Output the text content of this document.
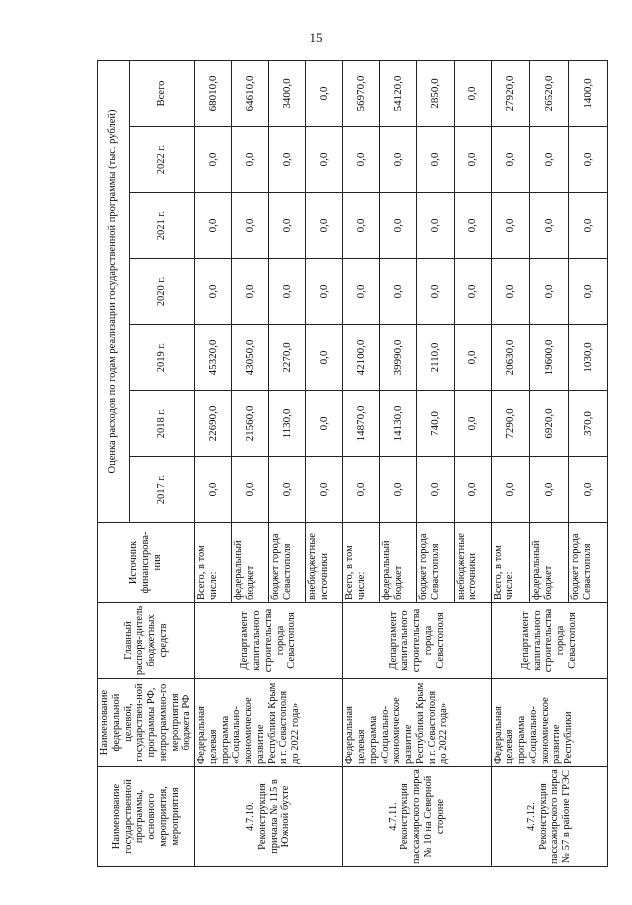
15
Наименование государственной программы, основного мероприятия, мероприятия	Наименование федеральной целевой, государствен-ной программы РФ, непрограммно-го мероприятия бюджета РФ	Главный распоря-дитель бюджетных средств	Источник финансирова-ния	Оценка расходов по годам реализации государственной программы (тыс. рублей)						
				2017 г.	2018 г.	2019 г.	2020 г.	2021 г.	2022 г.	Всего
4.7.10. Реконструкция причала № 115 в Южной бухте	Федеральная целевая программа «Социально-экономическое развитие Республики Крым и г. Севастополя до 2022 года»	Департамент капитального строительства города Севастополя	Всего, в том числе:	0,0	22690,0	45320,0	0,0	0,0	0,0	68010,0
			федеральный бюджет	0,0	21560,0	43050,0	0,0	0,0	0,0	64610,0
			бюджет города Севастополя	0,0	1130,0	2270,0	0,0	0,0	0,0	3400,0
			внебюджетные источники	0,0	0,0	0,0	0,0	0,0	0,0	0,0
4.7.11. Реконструкция пассажирского пирса № 10 на Северной стороне	Федеральная целевая программа «Социально-экономическое развитие Республики Крым и г. Севастополя до 2022 года»	Департамент капитального строительства города Севастополя	Всего, в том числе:	0,0	14870,0	42100,0	0,0	0,0	0,0	56970,0
			федеральный бюджет	0,0	14130,0	39990,0	0,0	0,0	0,0	54120,0
			бюджет города Севастополя	0,0	740,0	2110,0	0,0	0,0	0,0	2850,0
			внебюджетные источники	0,0	0,0	0,0	0,0	0,0	0,0	0,0
4.7.12. Реконструкция пассажирского пирса № 57 в районе ГРЭС	Федеральная целевая программа «Социально-экономическое развитие Республики	Департамент капитального строительства города Севастополя	Всего, в том числе:	0,0	7290,0	20630,0	0,0	0,0	0,0	27920,0
			федеральный бюджет	0,0	6920,0	19600,0	0,0	0,0	0,0	26520,0
			бюджет города Севастополя	0,0	370,0	1030,0	0,0	0,0	0,0	1400,0
